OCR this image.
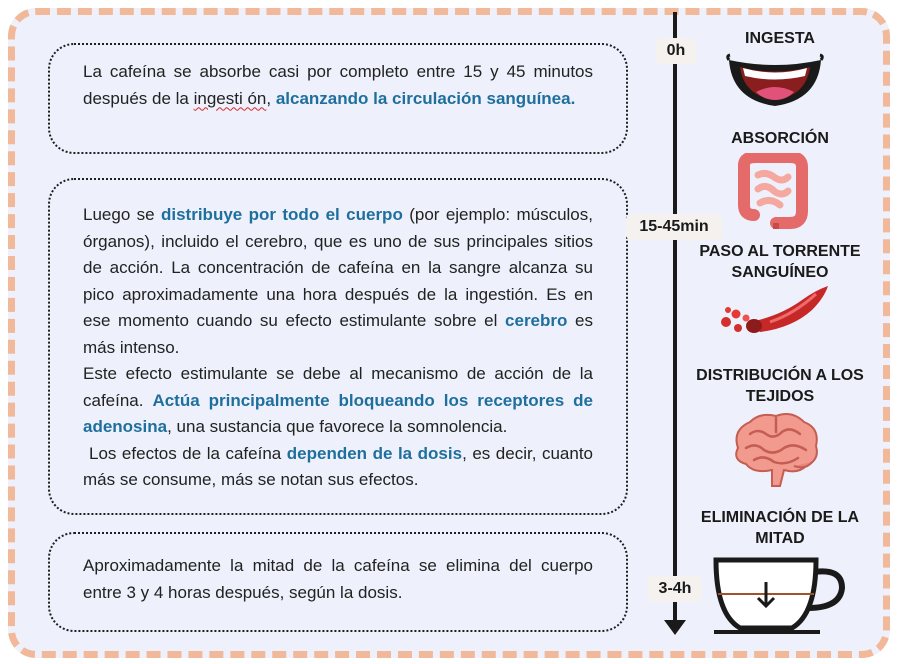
La cafeína se absorbe casi por completo entre 15 y 45 minutos después de la ingesti ón, alcanzando la circulación sanguínea.

Luego se distribuye por todo el cuerpo (por ejemplo: músculos, órganos), incluido el cerebro, que es uno de sus principales sitios de acción. La concentración de cafeína en la sangre alcanza su pico aproximadamente una hora después de la ingestión. Es en ese momento cuando su efecto estimulante sobre el cerebro es más intenso.

Este efecto estimulante se debe al mecanismo de acción de la cafeína. Actúa principalmente bloqueando los receptores de adenosina, una sustancia que favorece la somnolencia.

Los efectos de la cafeína dependen de la dosis, es decir, cuanto más se consume, más se notan sus efectos.

Aproximadamente la mitad de la cafeína se elimina del cuerpo entre 3 y 4 horas después, según la dosis.

0h
15-45min
3-4h
INGESTA
ABSORCIÓN
PASO AL TORRENTE SANGUÍNEO
DISTRIBUCIÓN A LOS TEJIDOS
ELIMINACIÓN DE LA MITAD
